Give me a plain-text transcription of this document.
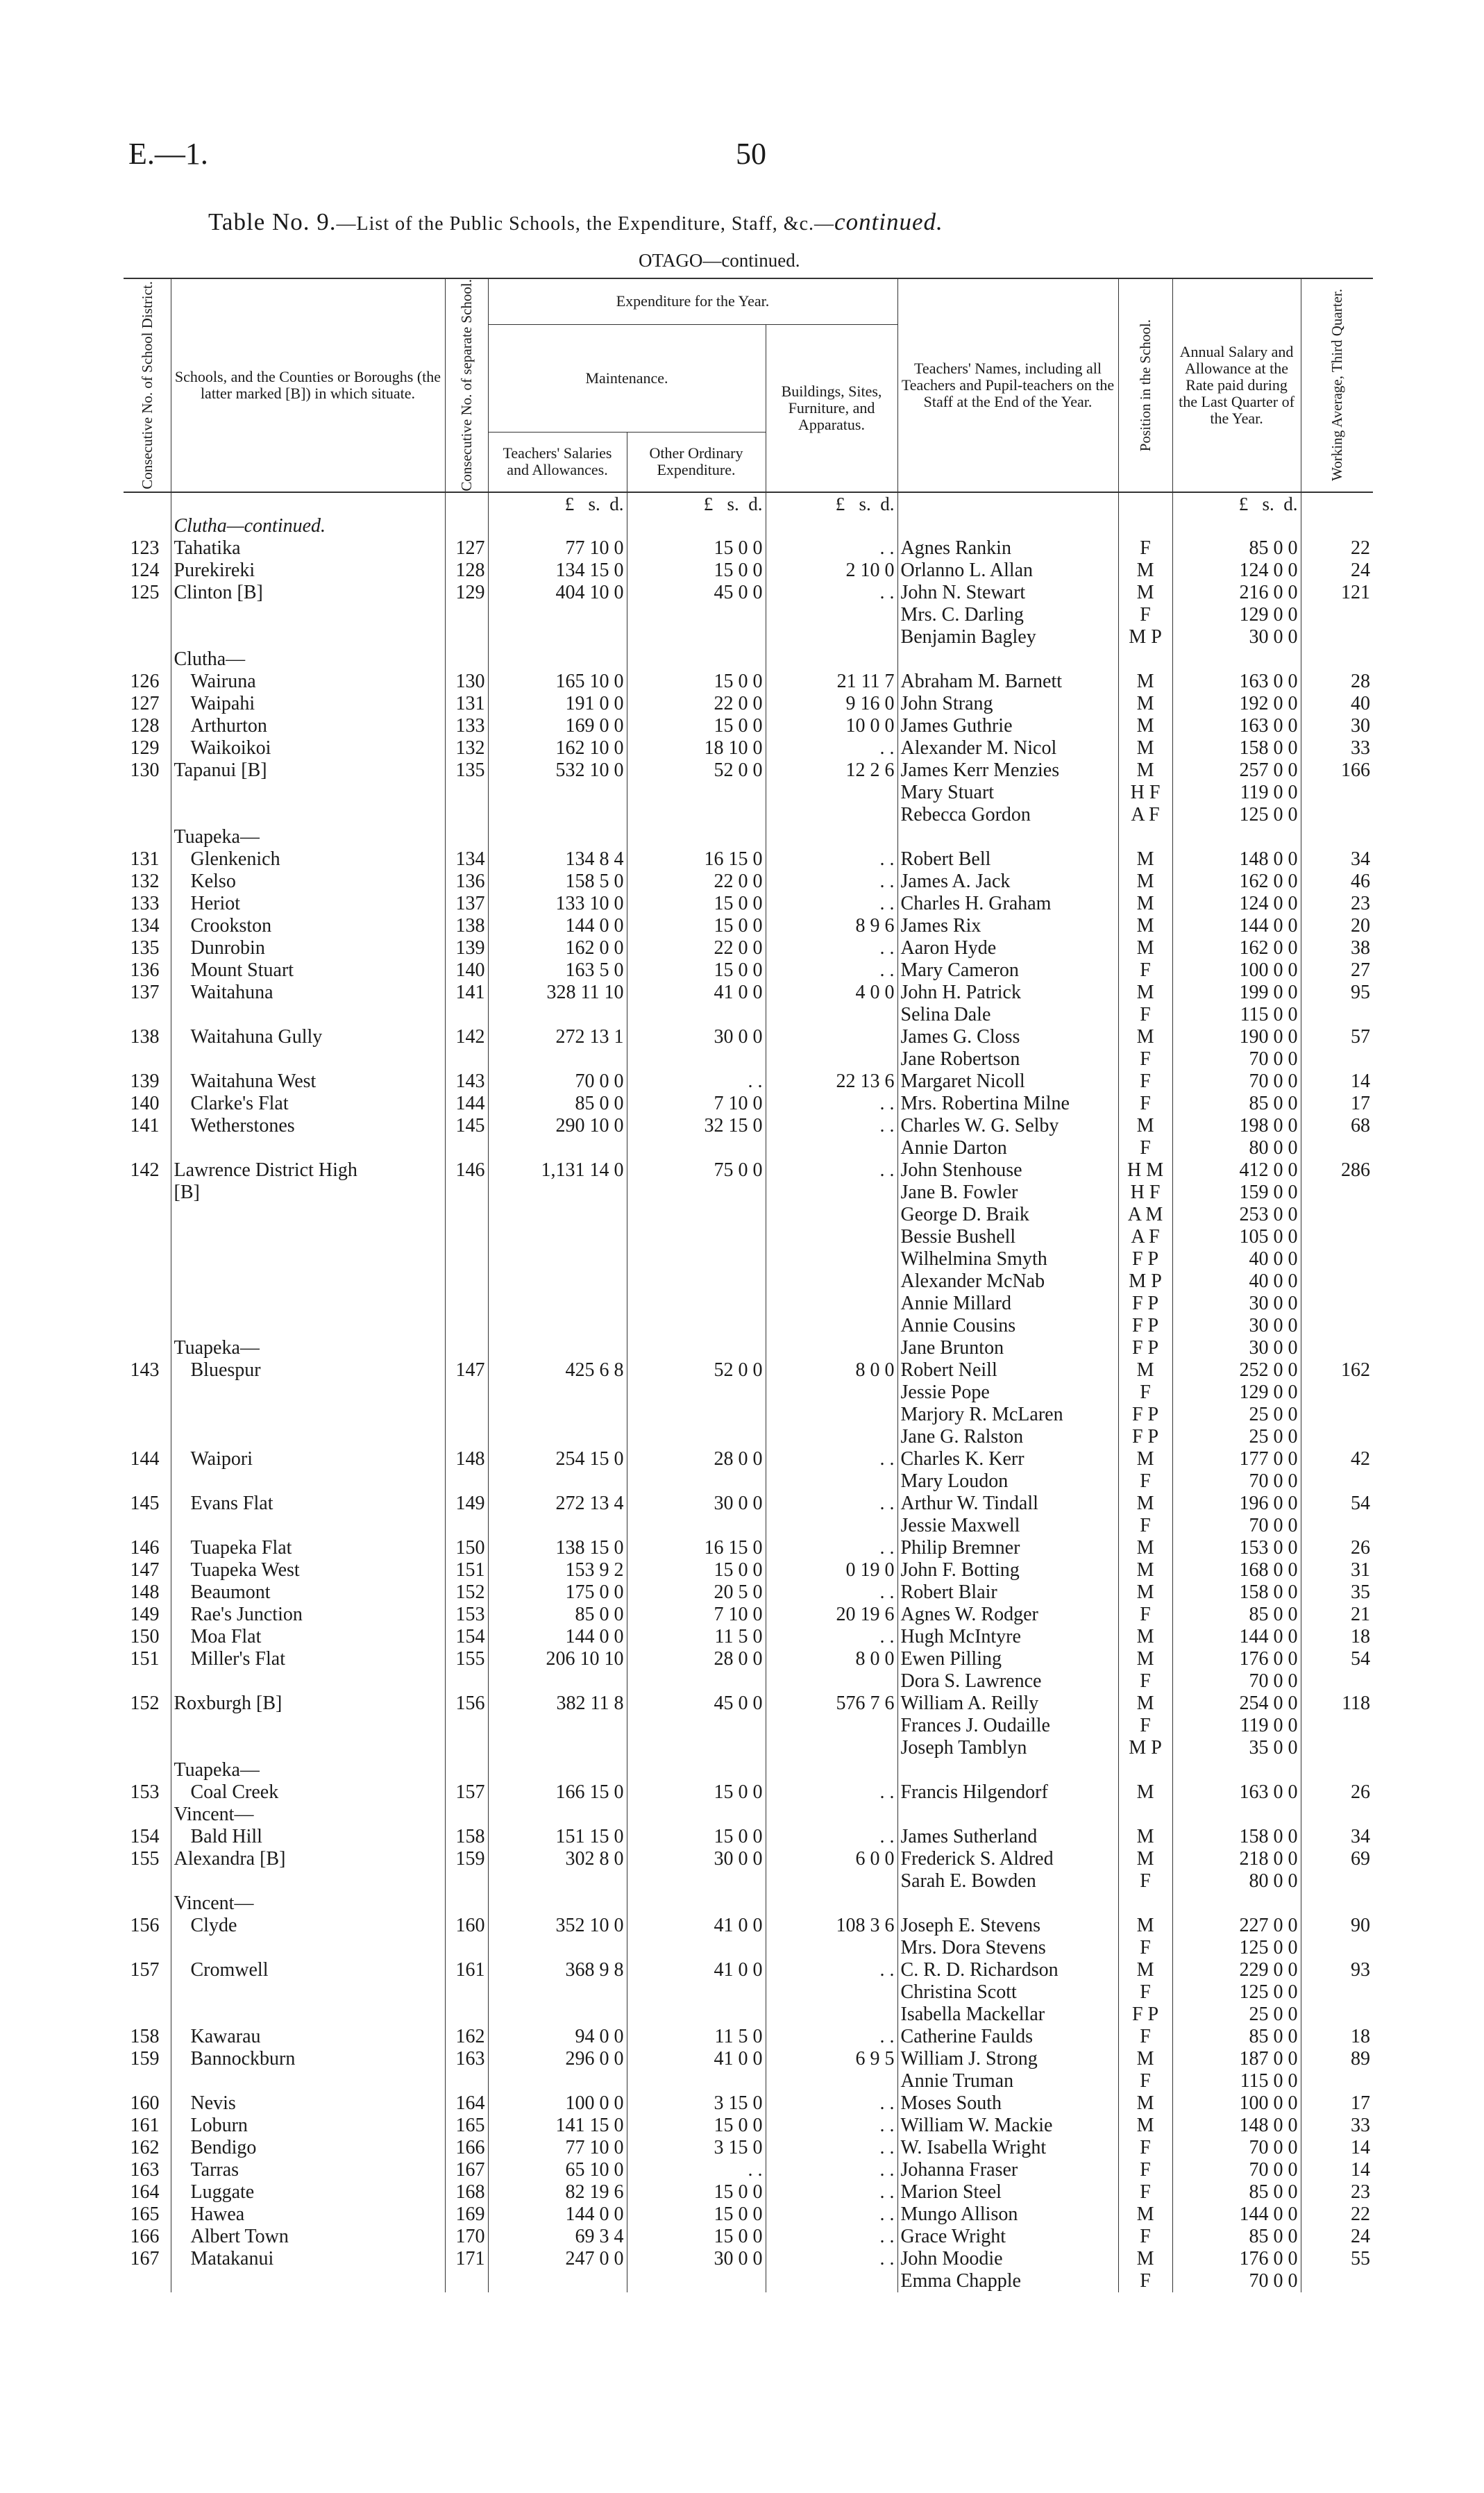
E.—1.	50
Table No. 9.—List of the Public Schools, the Expenditure, Staff, &c.—continued.
OTAGO—continued.
Consecutive No. of School District.	Schools, and the Counties or Boroughs (the latter marked [B]) in which situate.	Consecutive No. of separate School.	Expenditure for the Year.			Teachers' Names, including all Teachers and Pupil-teachers on the Staff at the End of the Year.	Position in the School.	Annual Salary and Allowance at the Rate paid during the Last Quarter of the Year.	Working Average, Third Quarter.

			Maintenance.		Buildings, Sites, Furniture, and Apparatus.				
			Teachers' Salaries and Allowances.	Other Ordinary Expenditure.					
			£ s. d.	£ s. d.	£ s. d.			£ s. d.	
	Clutha—continued.								
123	Tahatika	127	77 10 0	15 0 0	. .	Agnes Rankin	F	85 0 0	22
124	Purekireki	128	134 15 0	15 0 0	2 10 0	Orlanno L. Allan	M	124 0 0	24
125	Clinton [B]	129	404 10 0	45 0 0	. .	John N. Stewart	M	216 0 0	121
						Mrs. C. Darling	F	129 0 0	
						Benjamin Bagley	M P	30 0 0	
	Clutha—								
126	Wairuna	130	165 10 0	15 0 0	21 11 7	Abraham M. Barnett	M	163 0 0	28
127	Waipahi	131	191 0 0	22 0 0	9 16 0	John Strang	M	192 0 0	40
128	Arthurton	133	169 0 0	15 0 0	10 0 0	James Guthrie	M	163 0 0	30
129	Waikoikoi	132	162 10 0	18 10 0	. .	Alexander M. Nicol	M	158 0 0	33
130	Tapanui [B]	135	532 10 0	52 0 0	12 2 6	James Kerr Menzies	M	257 0 0	166
						Mary Stuart	H F	119 0 0	
						Rebecca Gordon	A F	125 0 0	
	Tuapeka—								
131	Glenkenich	134	134 8 4	16 15 0	. .	Robert Bell	M	148 0 0	34
132	Kelso	136	158 5 0	22 0 0	. .	James A. Jack	M	162 0 0	46
133	Heriot	137	133 10 0	15 0 0	. .	Charles H. Graham	M	124 0 0	23
134	Crookston	138	144 0 0	15 0 0	8 9 6	James Rix	M	144 0 0	20
135	Dunrobin	139	162 0 0	22 0 0	. .	Aaron Hyde	M	162 0 0	38
136	Mount Stuart	140	163 5 0	15 0 0	. .	Mary Cameron	F	100 0 0	27
137	Waitahuna	141	328 11 10	41 0 0	4 0 0	John H. Patrick	M	199 0 0	95
						Selina Dale	F	115 0 0	
138	Waitahuna Gully	142	272 13 1	30 0 0		James G. Closs	M	190 0 0	57
						Jane Robertson	F	70 0 0	
139	Waitahuna West	143	70 0 0	. .	22 13 6	Margaret Nicoll	F	70 0 0	14
140	Clarke's Flat	144	85 0 0	7 10 0	. .	Mrs. Robertina Milne	F	85 0 0	17
141	Wetherstones	145	290 10 0	32 15 0	. .	Charles W. G. Selby	M	198 0 0	68
						Annie Darton	F	80 0 0	
142	Lawrence District High	146	1,131 14 0	75 0 0	. .	John Stenhouse	H M	412 0 0	286
	[B]					Jane B. Fowler	H F	159 0 0	
						George D. Braik	A M	253 0 0	
						Bessie Bushell	A F	105 0 0	
						Wilhelmina Smyth	F P	40 0 0	
						Alexander McNab	M P	40 0 0	
						Annie Millard	F P	30 0 0	
						Annie Cousins	F P	30 0 0	
	Tuapeka—					Jane Brunton	F P	30 0 0	
143	Bluespur	147	425 6 8	52 0 0	8 0 0	Robert Neill	M	252 0 0	162
						Jessie Pope	F	129 0 0	
						Marjory R. McLaren	F P	25 0 0	
						Jane G. Ralston	F P	25 0 0	
144	Waipori	148	254 15 0	28 0 0	. .	Charles K. Kerr	M	177 0 0	42
						Mary Loudon	F	70 0 0	
145	Evans Flat	149	272 13 4	30 0 0	. .	Arthur W. Tindall	M	196 0 0	54
						Jessie Maxwell	F	70 0 0	
146	Tuapeka Flat	150	138 15 0	16 15 0	. .	Philip Bremner	M	153 0 0	26
147	Tuapeka West	151	153 9 2	15 0 0	0 19 0	John F. Botting	M	168 0 0	31
148	Beaumont	152	175 0 0	20 5 0	. .	Robert Blair	M	158 0 0	35
149	Rae's Junction	153	85 0 0	7 10 0	20 19 6	Agnes W. Rodger	F	85 0 0	21
150	Moa Flat	154	144 0 0	11 5 0	. .	Hugh McIntyre	M	144 0 0	18
151	Miller's Flat	155	206 10 10	28 0 0	8 0 0	Ewen Pilling	M	176 0 0	54
						Dora S. Lawrence	F	70 0 0	
152	Roxburgh [B]	156	382 11 8	45 0 0	576 7 6	William A. Reilly	M	254 0 0	118
						Frances J. Oudaille	F	119 0 0	
						Joseph Tamblyn	M P	35 0 0	
	Tuapeka—								
153	Coal Creek	157	166 15 0	15 0 0	. .	Francis Hilgendorf	M	163 0 0	26
	Vincent—								
154	Bald Hill	158	151 15 0	15 0 0	. .	James Sutherland	M	158 0 0	34
155	Alexandra [B]	159	302 8 0	30 0 0	6 0 0	Frederick S. Aldred	M	218 0 0	69
						Sarah E. Bowden	F	80 0 0	
	Vincent—								
156	Clyde	160	352 10 0	41 0 0	108 3 6	Joseph E. Stevens	M	227 0 0	90
						Mrs. Dora Stevens	F	125 0 0	
157	Cromwell	161	368 9 8	41 0 0	. .	C. R. D. Richardson	M	229 0 0	93
						Christina Scott	F	125 0 0	
						Isabella Mackellar	F P	25 0 0	
158	Kawarau	162	94 0 0	11 5 0	. .	Catherine Faulds	F	85 0 0	18
159	Bannockburn	163	296 0 0	41 0 0	6 9 5	William J. Strong	M	187 0 0	89
						Annie Truman	F	115 0 0	
160	Nevis	164	100 0 0	3 15 0	. .	Moses South	M	100 0 0	17
161	Loburn	165	141 15 0	15 0 0	. .	William W. Mackie	M	148 0 0	33
162	Bendigo	166	77 10 0	3 15 0	. .	W. Isabella Wright	F	70 0 0	14
163	Tarras	167	65 10 0	. .	. .	Johanna Fraser	F	70 0 0	14
164	Luggate	168	82 19 6	15 0 0	. .	Marion Steel	F	85 0 0	23
165	Hawea	169	144 0 0	15 0 0	. .	Mungo Allison	M	144 0 0	22
166	Albert Town	170	69 3 4	15 0 0	. .	Grace Wright	F	85 0 0	24
167	Matakanui	171	247 0 0	30 0 0	. .	John Moodie	M	176 0 0	55
						Emma Chapple	F	70 0 0	
